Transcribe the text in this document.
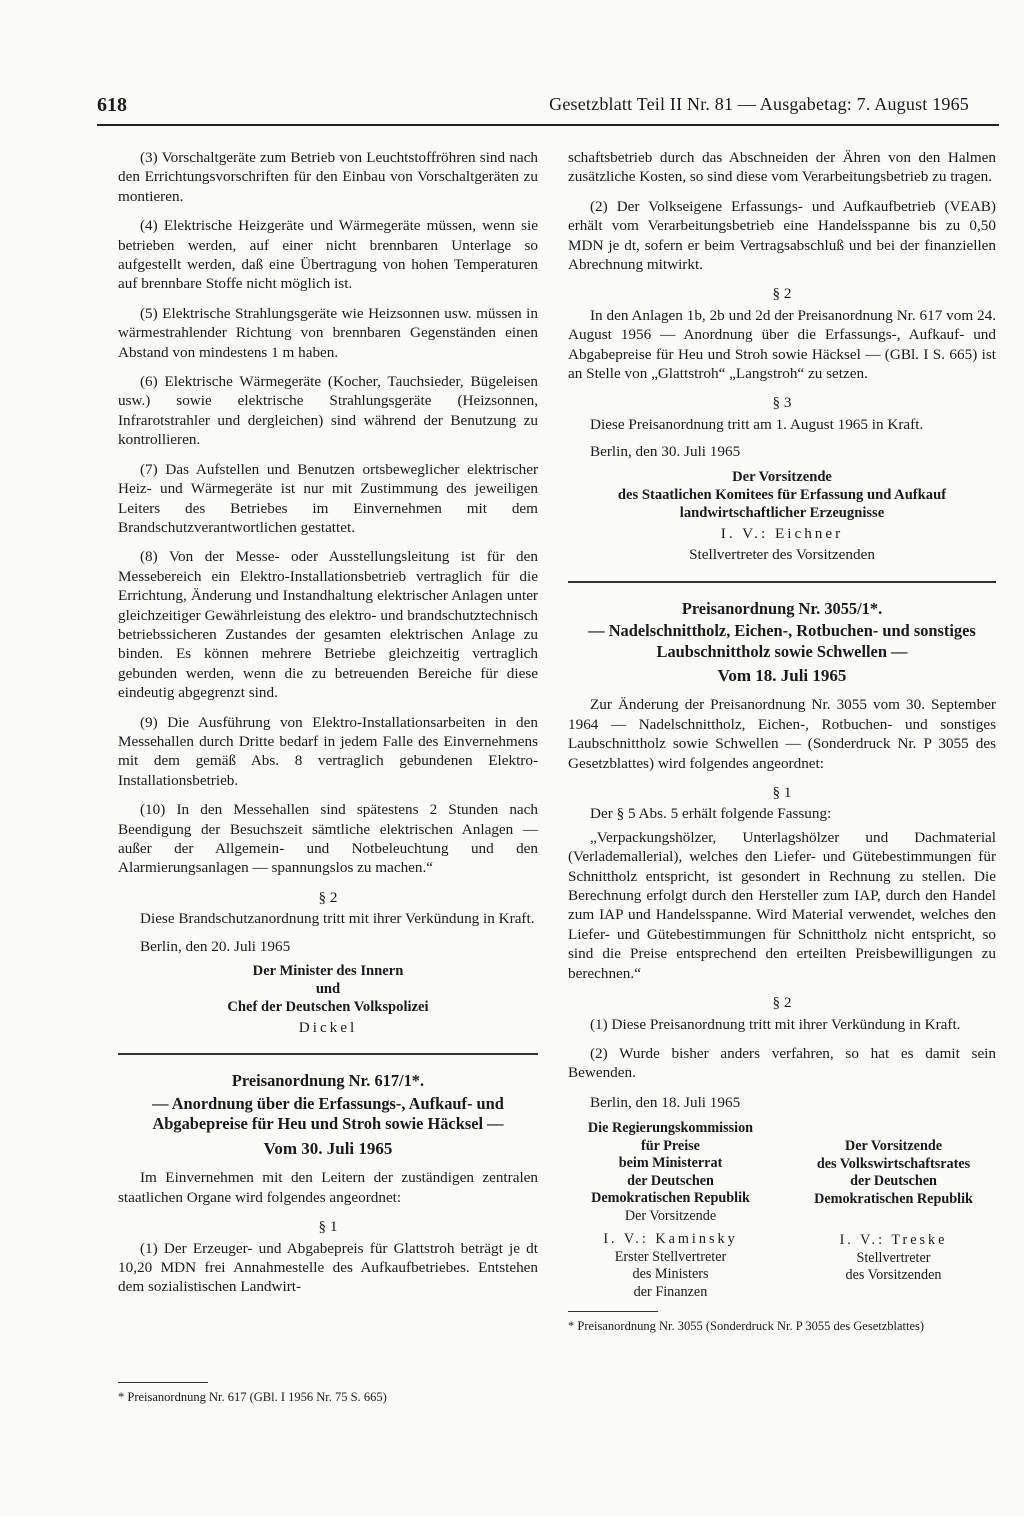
618	Gesetzblatt Teil II Nr. 81 — Ausgabetag: 7. August 1965

(3) Vorschaltgeräte zum Betrieb von Leuchtstoffröhren sind nach den Errichtungsvorschriften für den Einbau von Vorschaltgeräten zu montieren.

(4) Elektrische Heizgeräte und Wärmegeräte müssen, wenn sie betrieben werden, auf einer nicht brennbaren Unterlage so aufgestellt werden, daß eine Übertragung von hohen Temperaturen auf brennbare Stoffe nicht möglich ist.

(5) Elektrische Strahlungsgeräte wie Heizsonnen usw. müssen in wärmestrahlender Richtung von brennbaren Gegenständen einen Abstand von mindestens 1 m haben.

(6) Elektrische Wärmegeräte (Kocher, Tauchsieder, Bügeleisen usw.) sowie elektrische Strahlungsgeräte (Heizsonnen, Infrarotstrahler und dergleichen) sind während der Benutzung zu kontrollieren.

(7) Das Aufstellen und Benutzen ortsbeweglicher elektrischer Heiz- und Wärmegeräte ist nur mit Zustimmung des jeweiligen Leiters des Betriebes im Einvernehmen mit dem Brandschutzverantwortlichen gestattet.

(8) Von der Messe- oder Ausstellungsleitung ist für den Messebereich ein Elektro-Installationsbetrieb vertraglich für die Errichtung, Änderung und Instandhaltung elektrischer Anlagen unter gleichzeitiger Gewährleistung des elektro- und brandschutztechnisch betriebssicheren Zustandes der gesamten elektrischen Anlage zu binden. Es können mehrere Betriebe gleichzeitig vertraglich gebunden werden, wenn die zu betreuenden Bereiche für diese eindeutig abgegrenzt sind.

(9) Die Ausführung von Elektro-Installationsarbeiten in den Messehallen durch Dritte bedarf in jedem Falle des Einvernehmens mit dem gemäß Abs. 8 vertraglich gebundenen Elektro-Installationsbetrieb.

(10) In den Messehallen sind spätestens 2 Stunden nach Beendigung der Besuchszeit sämtliche elektrischen Anlagen — außer der Allgemein- und Notbeleuchtung und den Alarmierungsanlagen — spannungslos zu machen.“

§ 2

Diese Brandschutzanordnung tritt mit ihrer Verkündung in Kraft.

Berlin, den 20. Juli 1965
Der Minister des Innern
und
Chef der Deutschen Volkspolizei
Dickel
Preisanordnung Nr. 617/1*.
— Anordnung über die Erfassungs-, Aufkauf- und Abgabepreise für Heu und Stroh sowie Häcksel —
Vom 30. Juli 1965

Im Einvernehmen mit den Leitern der zuständigen zentralen staatlichen Organe wird folgendes angeordnet:

§ 1

(1) Der Erzeuger- und Abgabepreis für Glattstroh beträgt je dt 10,20 MDN frei Annahmestelle des Aufkaufbetriebes. Entstehen dem sozialistischen Landwirt-

* Preisanordnung Nr. 617 (GBl. I 1956 Nr. 75 S. 665)

schaftsbetrieb durch das Abschneiden der Ähren von den Halmen zusätzliche Kosten, so sind diese vom Verarbeitungsbetrieb zu tragen.

(2) Der Volkseigene Erfassungs- und Aufkaufbetrieb (VEAB) erhält vom Verarbeitungsbetrieb eine Handelsspanne bis zu 0,50 MDN je dt, sofern er beim Vertragsabschluß und bei der finanziellen Abrechnung mitwirkt.

§ 2

In den Anlagen 1b, 2b und 2d der Preisanordnung Nr. 617 vom 24. August 1956 — Anordnung über die Erfassungs-, Aufkauf- und Abgabepreise für Heu und Stroh sowie Häcksel — (GBl. I S. 665) ist an Stelle von „Glattstroh“ „Langstroh“ zu setzen.

§ 3

Diese Preisanordnung tritt am 1. August 1965 in Kraft.

Berlin, den 30. Juli 1965
Der Vorsitzende
des Staatlichen Komitees für Erfassung und Aufkauf
landwirtschaftlicher Erzeugnisse
I. V.: Eichner
Stellvertreter des Vorsitzenden
Preisanordnung Nr. 3055/1*.
— Nadelschnittholz, Eichen-, Rotbuchen- und sonstiges Laubschnittholz sowie Schwellen —
Vom 18. Juli 1965

Zur Änderung der Preisanordnung Nr. 3055 vom 30. September 1964 — Nadelschnittholz, Eichen-, Rotbuchen- und sonstiges Laubschnittholz sowie Schwellen — (Sonderdruck Nr. P 3055 des Gesetzblattes) wird folgendes angeordnet:

§ 1

Der § 5 Abs. 5 erhält folgende Fassung:

„Verpackungshölzer, Unterlagshölzer und Dachmaterial (Verlademallerial), welches den Liefer- und Gütebestimmungen für Schnittholz entspricht, ist gesondert in Rechnung zu stellen. Die Berechnung erfolgt durch den Hersteller zum IAP, durch den Handel zum IAP und Handelsspanne. Wird Material verwendet, welches den Liefer- und Gütebestimmungen für Schnittholz nicht entspricht, so sind die Preise entsprechend den erteilten Preisbewilligungen zu berechnen.“

§ 2

(1) Diese Preisanordnung tritt mit ihrer Verkündung in Kraft.

(2) Wurde bisher anders verfahren, so hat es damit sein Bewenden.

Berlin, den 18. Juli 1965
Die Regierungskommission
für Preise
beim Ministerrat
der Deutschen
Demokratischen Republik
Der Vorsitzende
I. V.: Kaminsky
Erster Stellvertreter
des Ministers
der Finanzen
Der Vorsitzende
des Volkswirtschaftsrates
der Deutschen
Demokratischen Republik
I. V.: Treske
Stellvertreter
des Vorsitzenden

* Preisanordnung Nr. 3055 (Sonderdruck Nr. P 3055 des Gesetzblattes)
